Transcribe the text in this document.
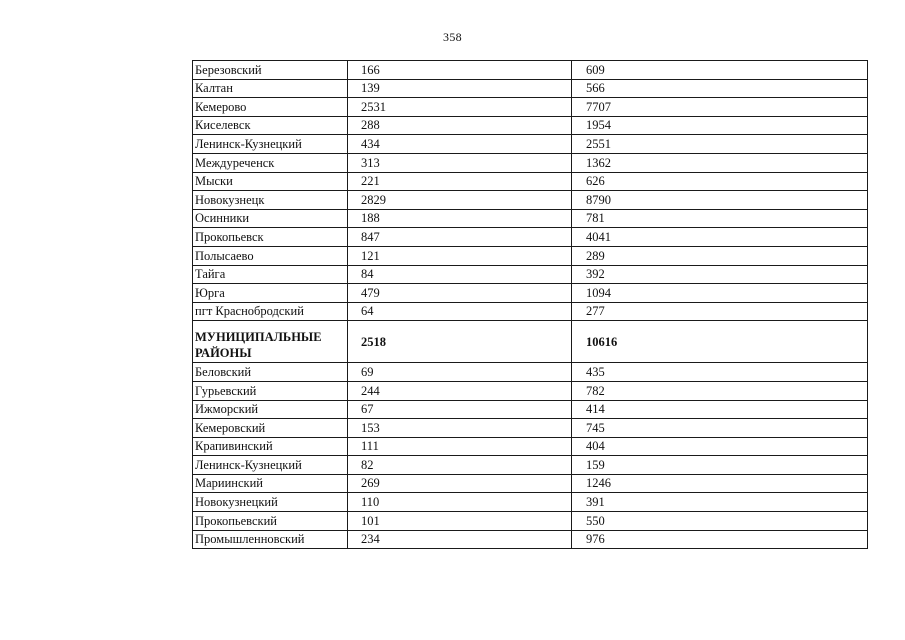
358
Березовский	166	609
Калтан	139	566
Кемерово	2531	7707
Киселевск	288	1954
Ленинск-Кузнецкий	434	2551
Междуреченск	313	1362
Мыски	221	626
Новокузнецк	2829	8790
Осинники	188	781
Прокопьевск	847	4041
Полысаево	121	289
Тайга	84	392
Юрга	479	1094
пгт Краснобродский	64	277
МУНИЦИПАЛЬНЫЕ РАЙОНЫ	2518	10616
Беловский	69	435
Гурьевский	244	782
Ижморский	67	414
Кемеровский	153	745
Крапивинский	111	404
Ленинск-Кузнецкий	82	159
Мариинский	269	1246
Новокузнецкий	110	391
Прокопьевский	101	550
Промышленновский	234	976
